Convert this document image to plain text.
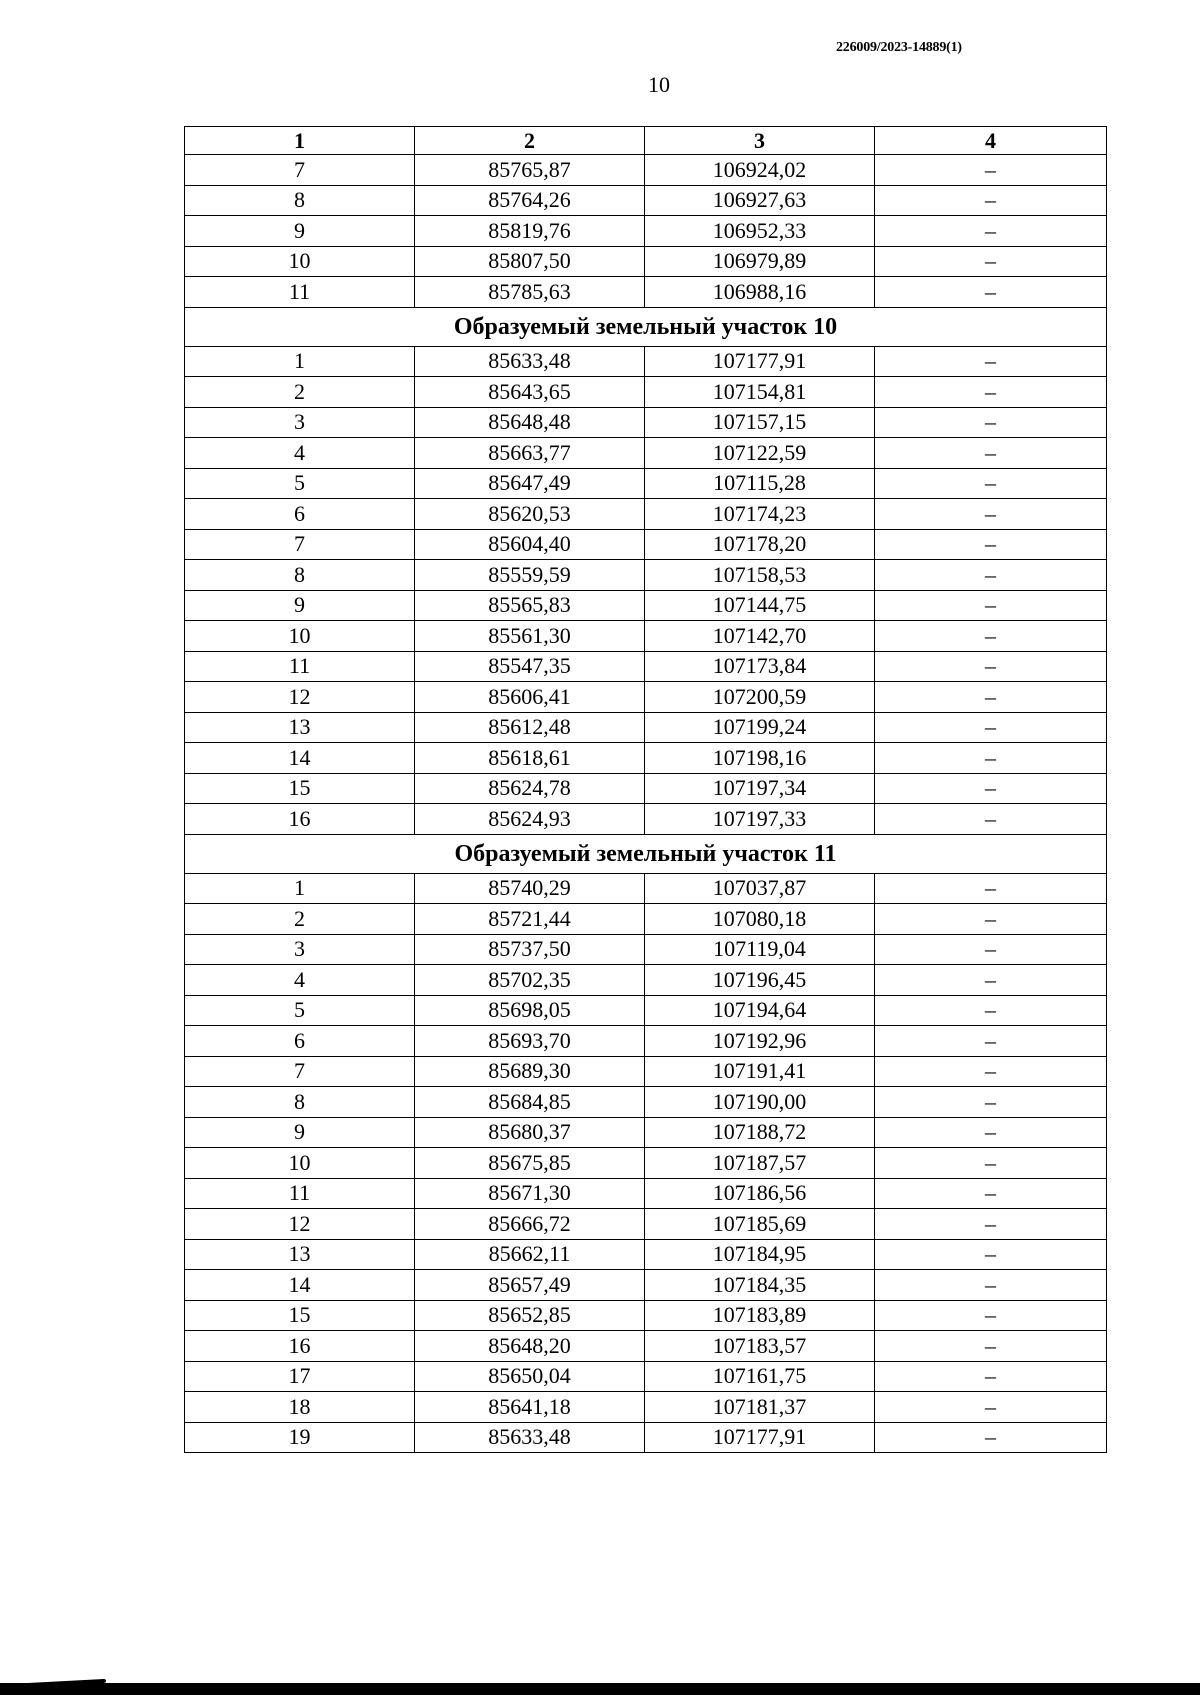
226009/2023-14889(1)
10
1	2	3	4
7	85765,87	106924,02	–
8	85764,26	106927,63	–
9	85819,76	106952,33	–
10	85807,50	106979,89	–
11	85785,63	106988,16	–
Образуемый земельный участок 10			
1	85633,48	107177,91	–
2	85643,65	107154,81	–
3	85648,48	107157,15	–
4	85663,77	107122,59	–
5	85647,49	107115,28	–
6	85620,53	107174,23	–
7	85604,40	107178,20	–
8	85559,59	107158,53	–
9	85565,83	107144,75	–
10	85561,30	107142,70	–
11	85547,35	107173,84	–
12	85606,41	107200,59	–
13	85612,48	107199,24	–
14	85618,61	107198,16	–
15	85624,78	107197,34	–
16	85624,93	107197,33	–
Образуемый земельный участок 11			
1	85740,29	107037,87	–
2	85721,44	107080,18	–
3	85737,50	107119,04	–
4	85702,35	107196,45	–
5	85698,05	107194,64	–
6	85693,70	107192,96	–
7	85689,30	107191,41	–
8	85684,85	107190,00	–
9	85680,37	107188,72	–
10	85675,85	107187,57	–
11	85671,30	107186,56	–
12	85666,72	107185,69	–
13	85662,11	107184,95	–
14	85657,49	107184,35	–
15	85652,85	107183,89	–
16	85648,20	107183,57	–
17	85650,04	107161,75	–
18	85641,18	107181,37	–
19	85633,48	107177,91	–
